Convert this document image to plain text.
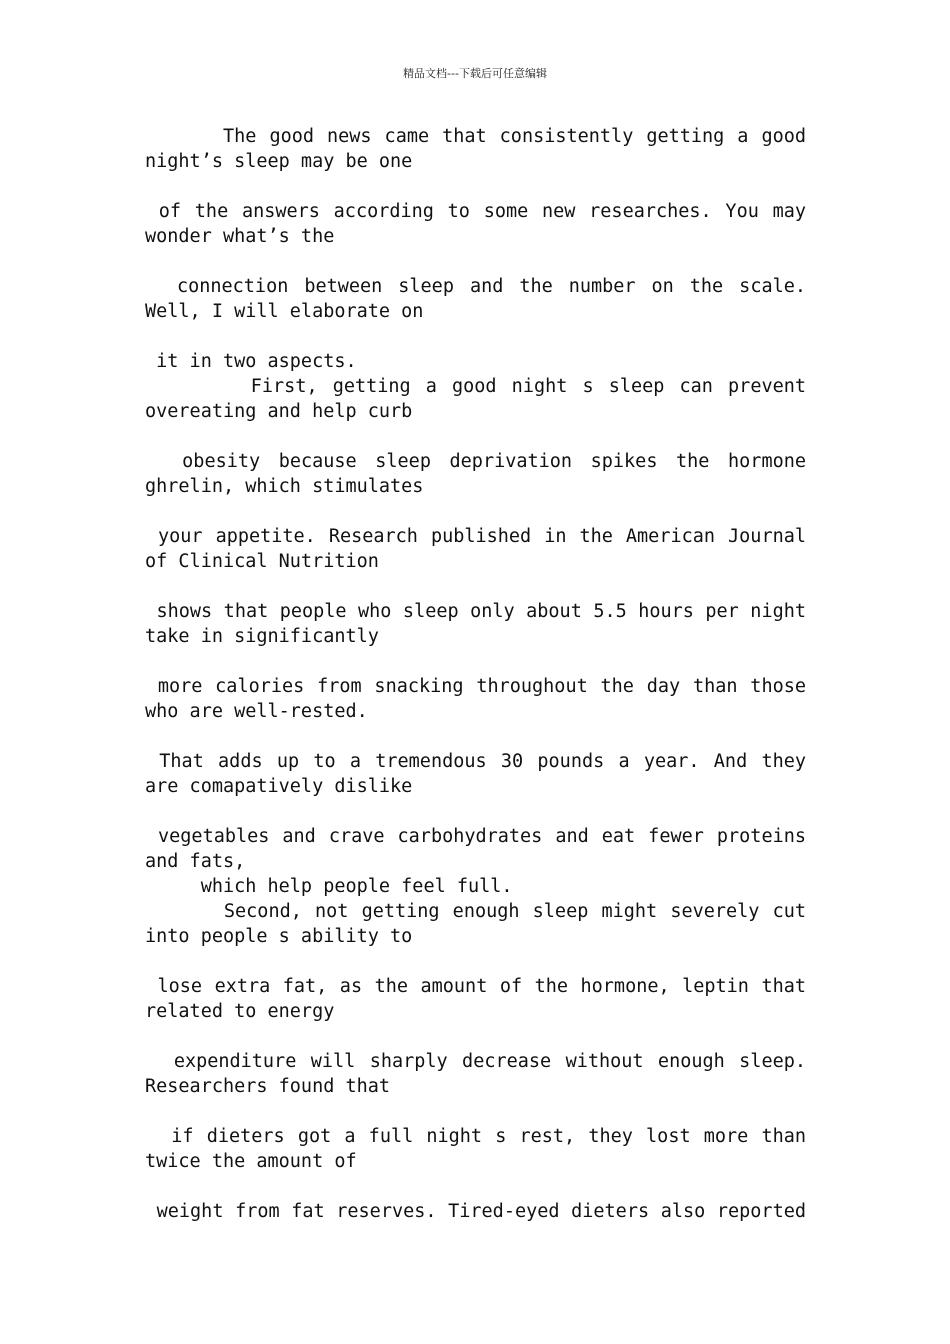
精品文档---下载后可任意编辑
The good news came that consistently getting a good
night’s sleep may be one
of the answers according to some new researches. You may
wonder what’s the
connection between sleep and the number on the scale.
Well, I will elaborate on
it in two aspects.
First, getting a good night s sleep can prevent
overeating and help curb
obesity because sleep deprivation spikes the hormone
ghrelin, which stimulates
your appetite. Research published in the American Journal
of Clinical Nutrition
shows that people who sleep only about 5.5 hours per night
take in significantly
more calories from snacking throughout the day than those
who are well-rested.
That adds up to a tremendous 30 pounds a year. And they
are comapatively dislike
vegetables and crave carbohydrates and eat fewer proteins
and fats,
which help people feel full.
Second, not getting enough sleep might severely cut
into people s ability to
lose extra fat, as the amount of the hormone, leptin that
related to energy
expenditure will sharply decrease without enough sleep.
Researchers found that
if dieters got a full night s rest, they lost more than
twice the amount of
weight from fat reserves. Tired-eyed dieters also reported
